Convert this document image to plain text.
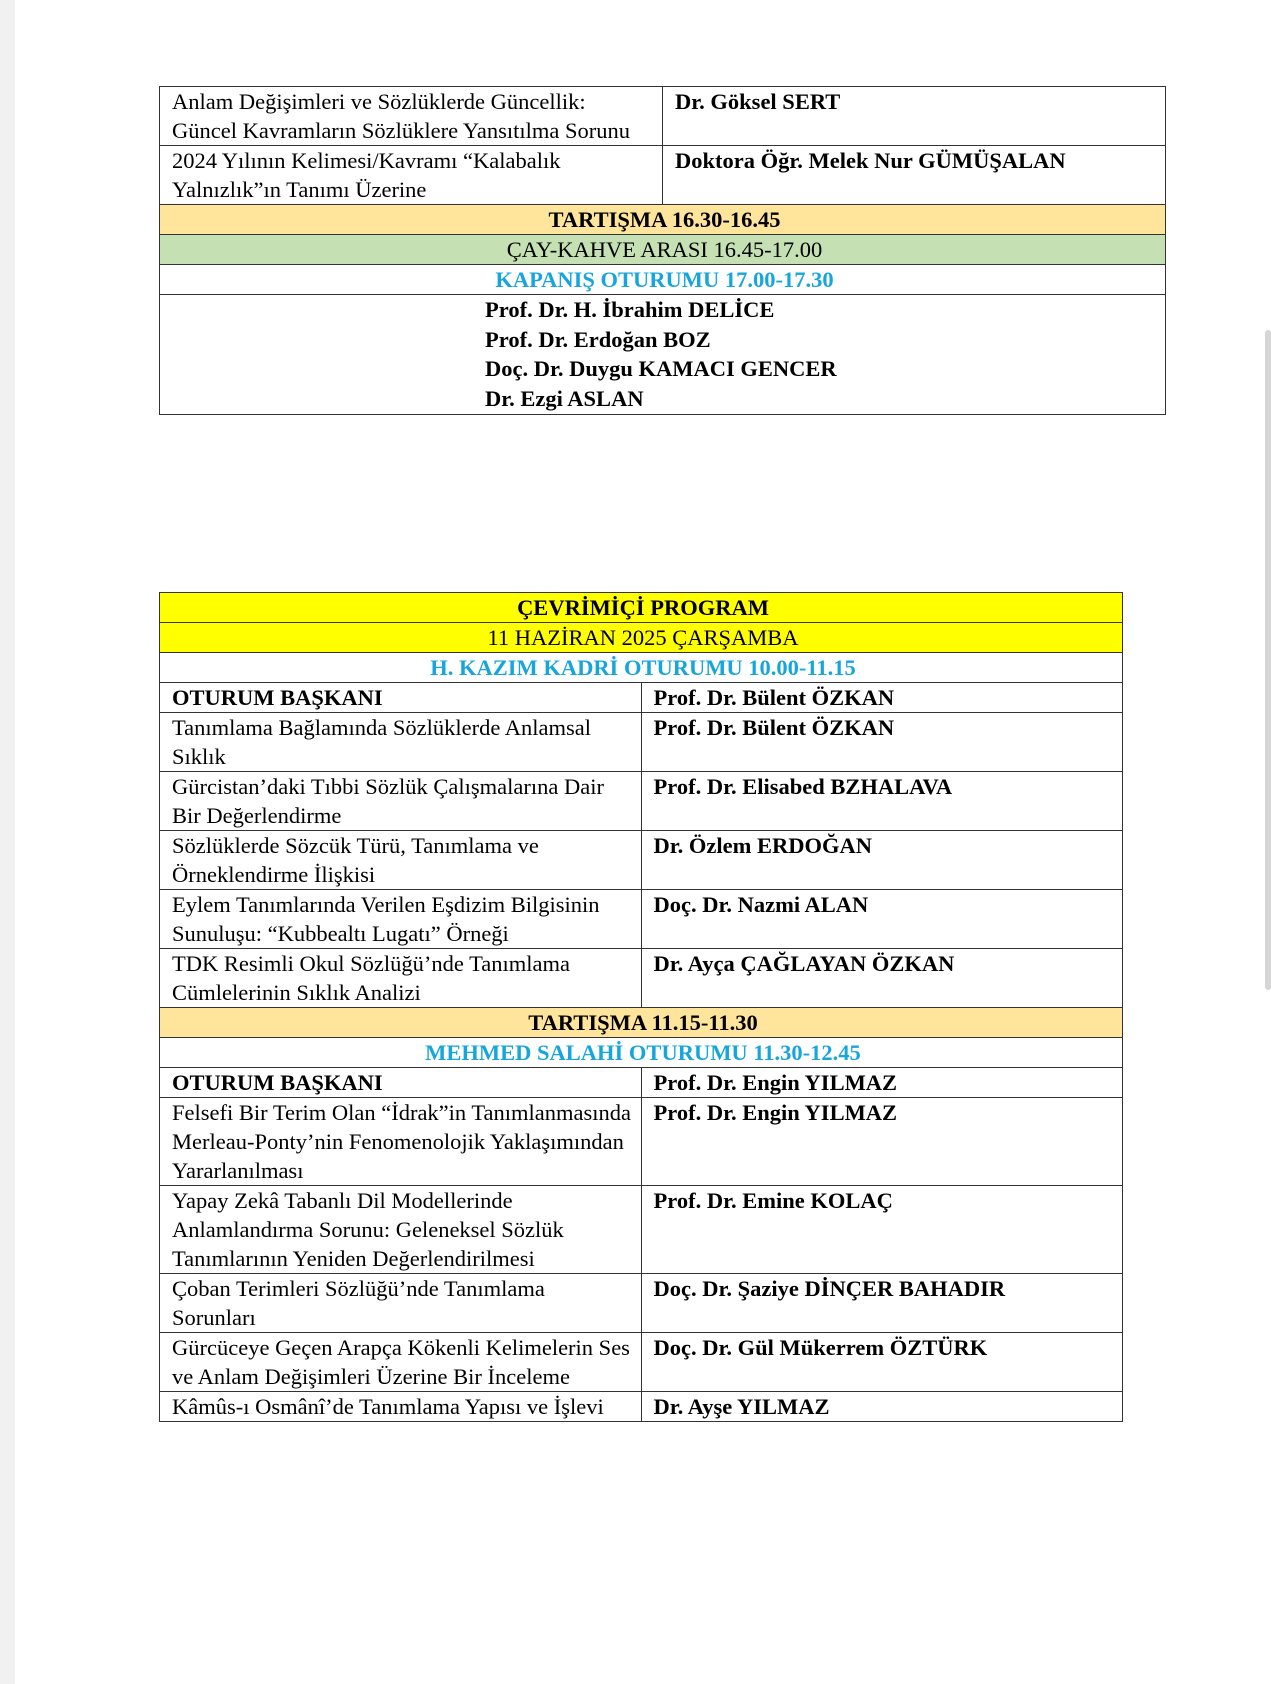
Anlam Değişimleri ve Sözlüklerde Güncellik: Güncel Kavramların Sözlüklere Yansıtılma Sorunu	Dr. Göksel SERT
2024 Yılının Kelimesi/Kavramı “Kalabalık Yalnızlık”ın Tanımı Üzerine	Doktora Öğr. Melek Nur GÜMÜŞALAN
TARTIŞMA 16.30-16.45	
ÇAY-KAHVE ARASI 16.45-17.00	
KAPANIŞ OTURUMU 17.00-17.30	

Prof. Dr. H. İbrahim DELİCE
Prof. Dr. Erdoğan BOZ
Doç. Dr. Duygu KAMACI GENCER
Dr. Ezgi ASLAN	
ÇEVRİMİÇİ PROGRAM	
11 HAZİRAN 2025 ÇARŞAMBA	
H. KAZIM KADRİ OTURUMU 10.00-11.15	
OTURUM BAŞKANI	Prof. Dr. Bülent ÖZKAN
Tanımlama Bağlamında Sözlüklerde Anlamsal Sıklık	Prof. Dr. Bülent ÖZKAN
Gürcistan’daki Tıbbi Sözlük Çalışmalarına Dair Bir Değerlendirme	Prof. Dr. Elisabed BZHALAVA
Sözlüklerde Sözcük Türü, Tanımlama ve Örneklendirme İlişkisi	Dr. Özlem ERDOĞAN
Eylem Tanımlarında Verilen Eşdizim Bilgisinin Sunuluşu: “Kubbealtı Lugatı” Örneği	Doç. Dr. Nazmi ALAN
TDK Resimli Okul Sözlüğü’nde Tanımlama Cümlelerinin Sıklık Analizi	Dr. Ayça ÇAĞLAYAN ÖZKAN
TARTIŞMA 11.15-11.30	
MEHMED SALAHİ OTURUMU 11.30-12.45	
OTURUM BAŞKANI	Prof. Dr. Engin YILMAZ
Felsefi Bir Terim Olan “İdrak”in Tanımlanmasında Merleau-Ponty’nin Fenomenolojik Yaklaşımından Yararlanılması	Prof. Dr. Engin YILMAZ
Yapay Zekâ Tabanlı Dil Modellerinde Anlamlandırma Sorunu: Geleneksel Sözlük Tanımlarının Yeniden Değerlendirilmesi	Prof. Dr. Emine KOLAÇ
Çoban Terimleri Sözlüğü’nde Tanımlama Sorunları	Doç. Dr. Şaziye DİNÇER BAHADIR
Gürcüceye Geçen Arapça Kökenli Kelimelerin Ses ve Anlam Değişimleri Üzerine Bir İnceleme	Doç. Dr. Gül Mükerrem ÖZTÜRK
Kâmûs-ı Osmânî’de Tanımlama Yapısı ve İşlevi	Dr. Ayşe YILMAZ
